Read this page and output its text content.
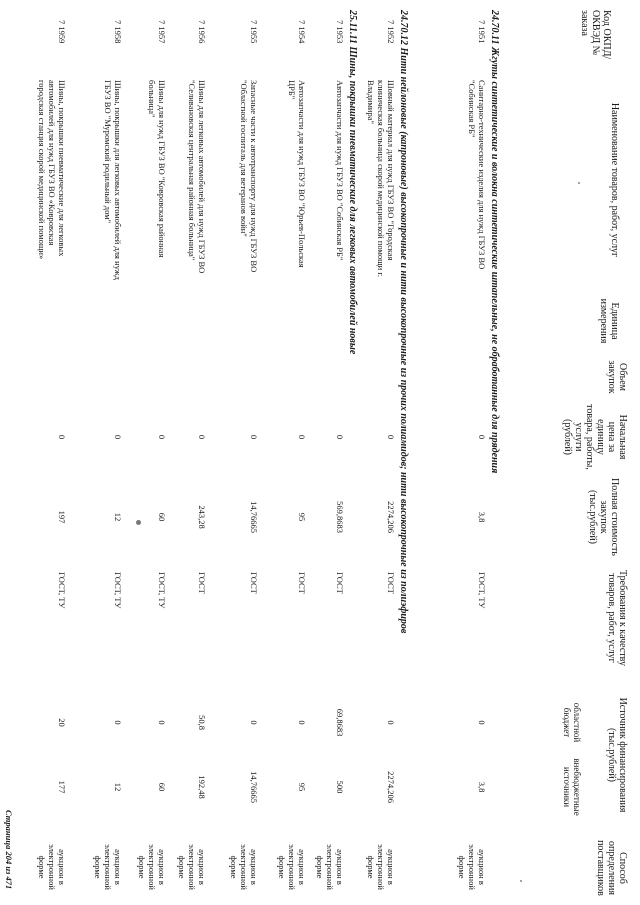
Код ОКПД/ ОКВЭД № заказа
Наименование товаров, работ, услуг
Единица измерения
Объем закупок
Начальная цена за единицу товара, работы, услуги (рублей)
Полная стоимость закупок (тыс.рублей)
Требования к качеству товаров, работ, услуг
Источник финансирования (тыс.рублей)
областной бюджет
внебюджетные источники
Способ определения поставщиков
24.70.11 Жгуты синтетические и волокна синтетические штапельные, не обработанные для прядения
7 1951
Санитарно-технические изделия для нужд ГБУЗ ВО "Собинская РБ"
0
3,8
ГОСТ, ТУ
0
3,8
аукцион в электронной форме
24.70.12 Нити нейлоновые (капроновые) высокопрочные и нити высокопрочные из прочих полиамидов; нити высокопрочные из полиэфиров
7 1952
Шовный материал для нужд ГБУЗ ВО "Городская клиническая больница скорой медицинской помощи г. Владимира"
0
2274,206
ГОСТ
0
2274,206
аукцион в электронной форме
25.11.11 Шины, покрышки пневматические для легковых автомобилей новые
7 1953
Автозапчасти для нужд ГБУЗ ВО "Собинская РБ"
0
569,8683
ГОСТ
69,8683
500
аукцион в электронной форме
7 1954
Автозапчасти для нужд ГБУЗ ВО "Юрьев-Польская ЦРБ"
0
95
ГОСТ
0
95
аукцион в электронной форме
7 1955
Запасные части к автотранспорту для нужд ГБУЗ ВО "Областной госпиталь для ветеранов войн"
0
14,76665
ГОСТ
0
14,76665
аукцион в электронной форме
7 1956
Шины для легковых автомобилей для нужд ГБУЗ ВО "Селивановская центральная районная больница"
0
243,28
ГОСТ
50,8
192,48
аукцион в электронной форме
7 1957
Шины для нужд ГБУЗ ВО "Ковровская районная больница"
0
60
ГОСТ, ТУ
0
60
аукцион в электронной форме
7 1958
Шины, покрышки для легковых автомобилей для нужд ГБУЗ ВО "Муромский родильный дом"
0
12
ГОСТ, ТУ
0
12
аукцион в электронной форме
7 1959
Шины, покрышки пневматические для легковых автомобилей для нужд ГБУЗ ВО «Ковровская городская станция скорой медицинской помощи»
0
197
ГОСТ, ТУ
20
177
аукцион в электронной форме
Страница 204 из 471
